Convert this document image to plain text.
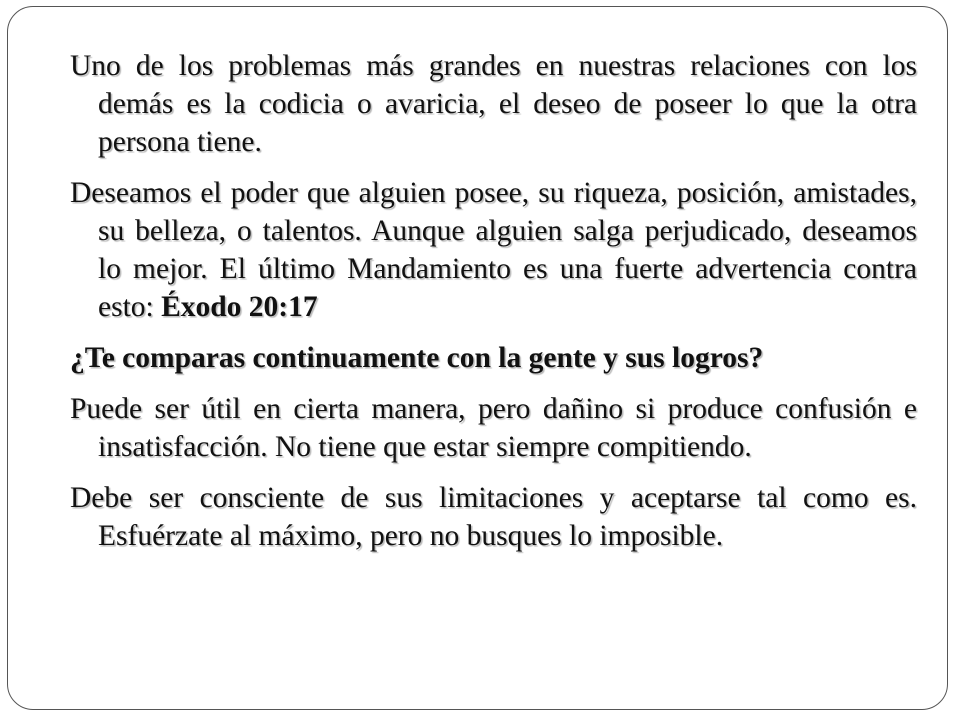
Uno de los problemas más grandes en nuestras relaciones con los demás es la codicia o avaricia, el deseo de poseer lo que la otra persona tiene.

Deseamos el poder que alguien posee, su riqueza, posición, amistades, su belleza, o talentos. Aunque alguien salga perjudicado, deseamos lo mejor. El último Mandamiento es una fuerte advertencia contra esto: Éxodo 20:17

¿Te comparas continuamente con la gente y sus logros?

Puede ser útil en cierta manera, pero dañino si produce confusión e insatisfacción. No tiene que estar siempre compitiendo.

Debe ser consciente de sus limitaciones y aceptarse tal como es. Esfuérzate al máximo, pero no busques lo imposible.
